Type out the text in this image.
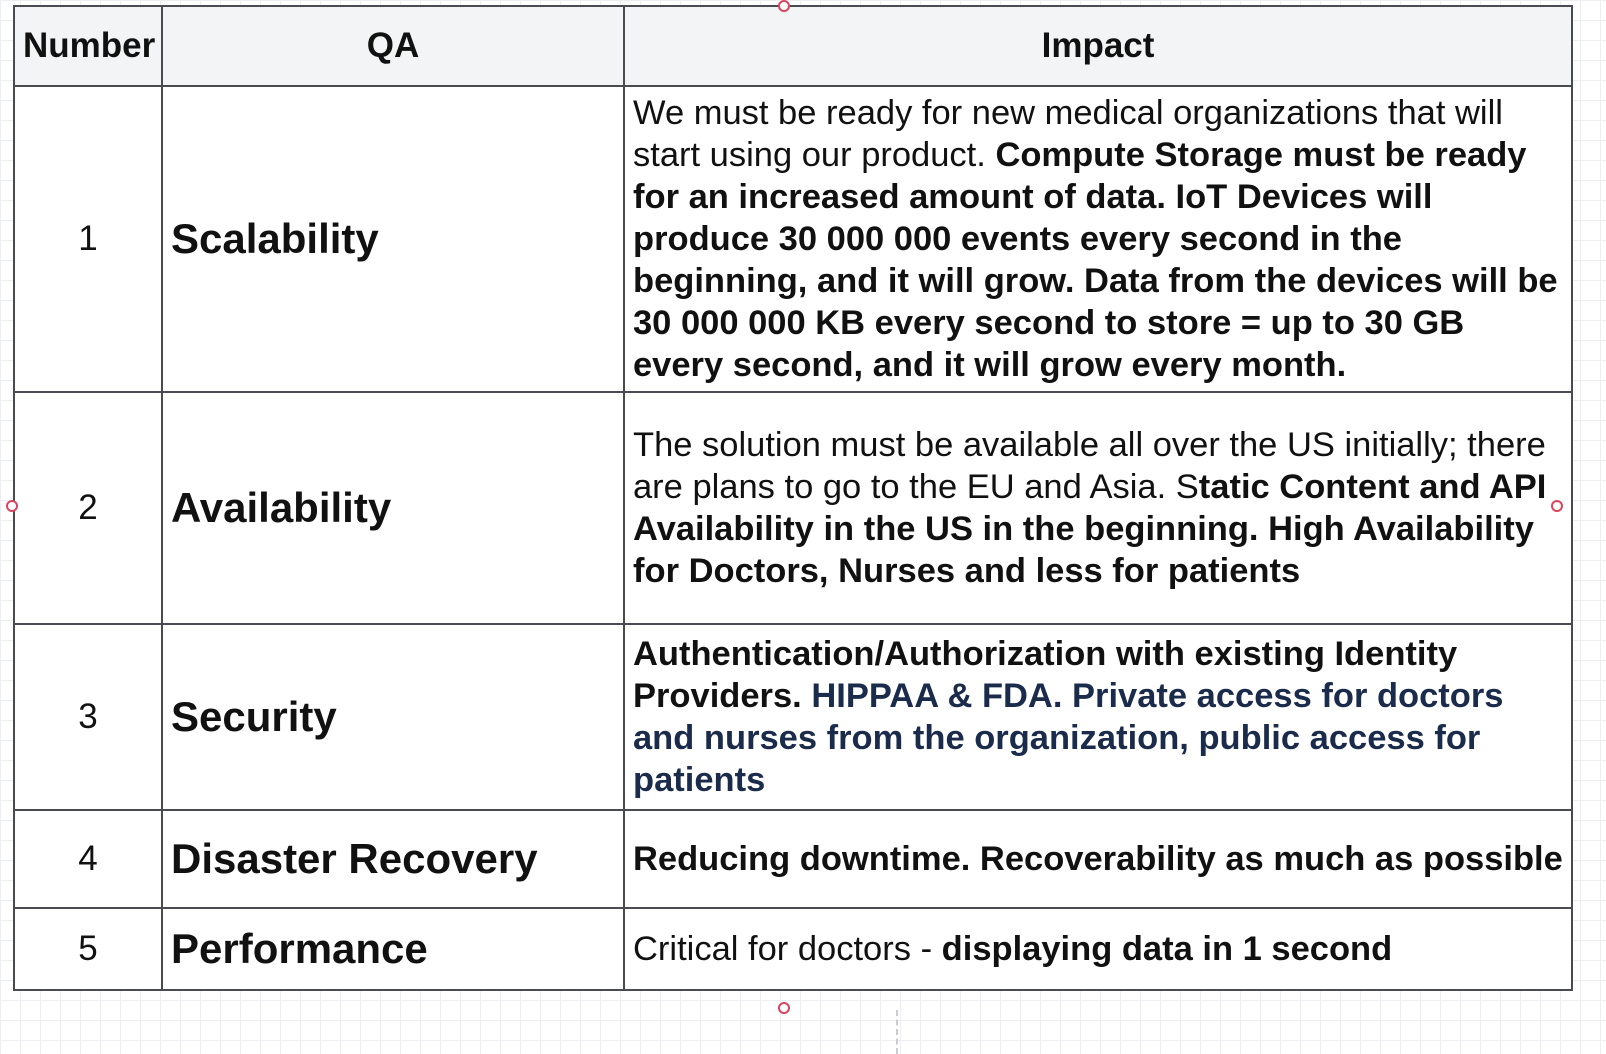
Number	QA	Impact
1	Scalability	We must be ready for new medical organizations that will start using our product. Compute Storage must be ready for an increased amount of data. IoT Devices will produce 30 000 000 events every second in the beginning, and it will grow. Data from the devices will be 30 000 000 KB every second to store = up to 30 GB every second, and it will grow every month.
2	Availability	The solution must be available all over the US initially; there are plans to go to the EU and Asia. Static Content and API Availability in the US in the beginning. High Availability for Doctors, Nurses and less for patients
3	Security	Authentication/Authorization with existing Identity Providers. HIPPAA & FDA. Private access for doctors and nurses from the organization, public access for patients
4	Disaster Recovery	Reducing downtime. Recoverability as much as possible
5	Performance	Critical for doctors - displaying data in 1 second
